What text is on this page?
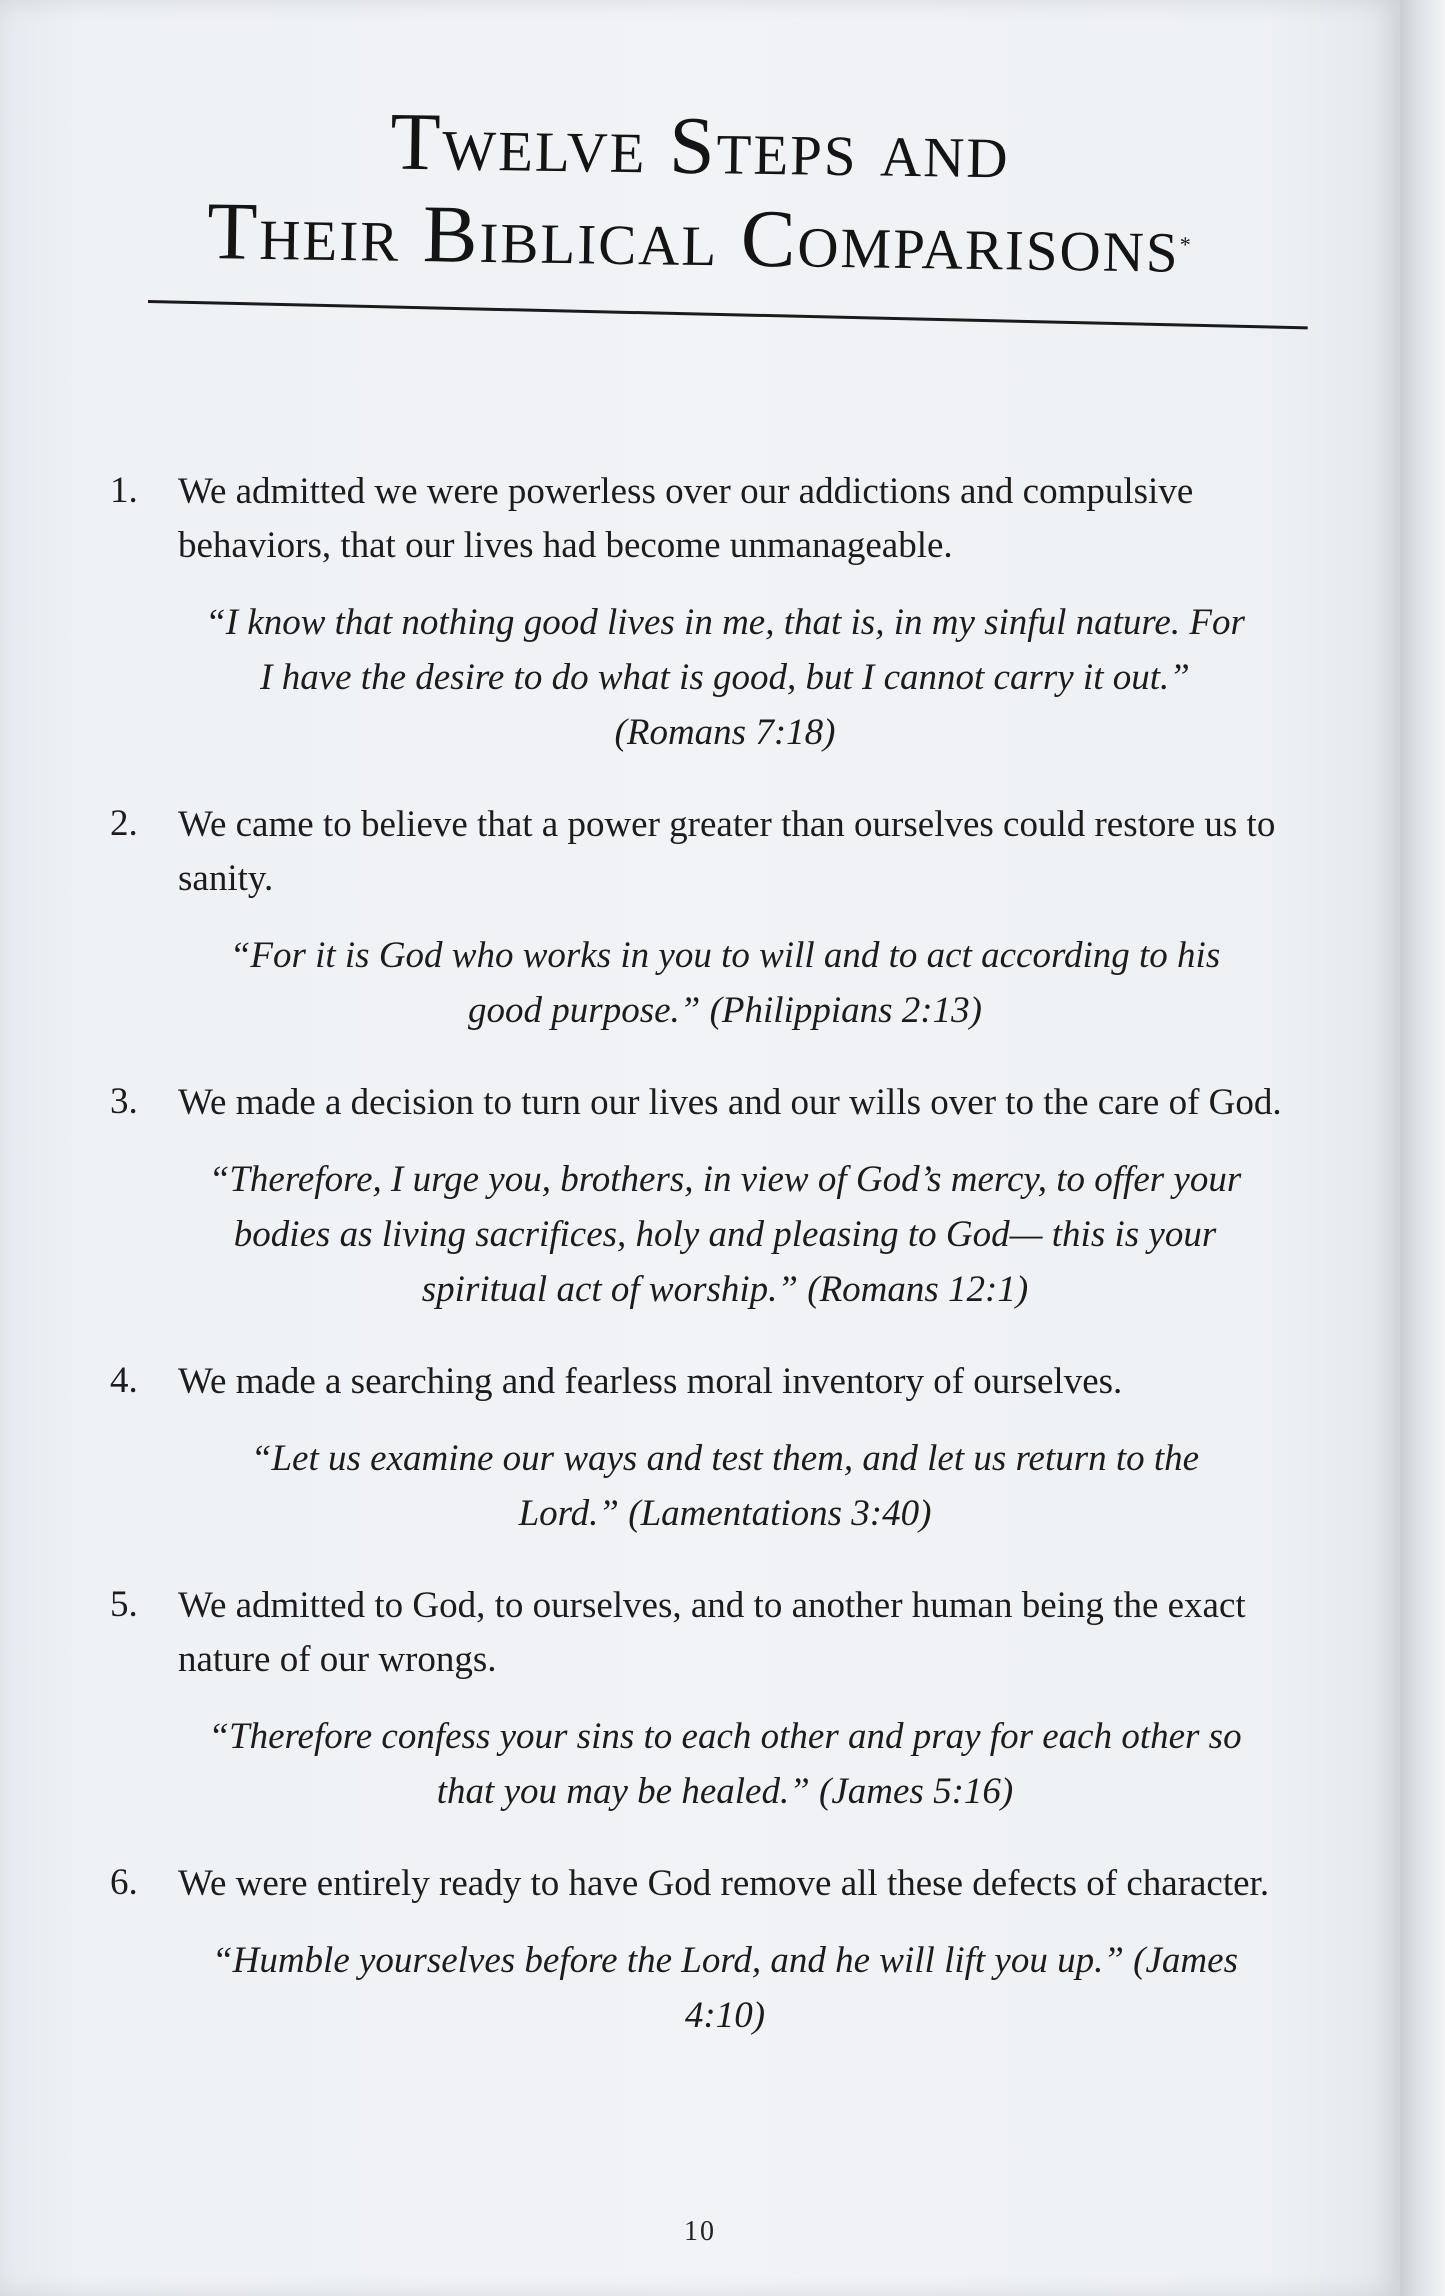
Twelve Steps and
Their Biblical Comparisons*
1. We admitted we were powerless over our addictions and compulsive behaviors, that our lives had become unmanageable.
“I know that nothing good lives in me, that is, in my sinful nature. For I have the desire to do what is good, but I cannot carry it out.” (Romans 7:18)
2. We came to believe that a power greater than ourselves could restore us to sanity.
“For it is God who works in you to will and to act according to his good purpose.” (Philippians 2:13)
3. We made a decision to turn our lives and our wills over to the care of God.
“Therefore, I urge you, brothers, in view of God’s mercy, to offer your bodies as living sacrifices, holy and pleasing to God— this is your spiritual act of worship.” (Romans 12:1)
4. We made a searching and fearless moral inventory of ourselves.
“Let us examine our ways and test them, and let us return to the Lord.” (Lamentations 3:40)
5. We admitted to God, to ourselves, and to another human being the exact nature of our wrongs.
“Therefore confess your sins to each other and pray for each other so that you may be healed.” (James 5:16)
6. We were entirely ready to have God remove all these defects of character.
“Humble yourselves before the Lord, and he will lift you up.” (James 4:10)
10
